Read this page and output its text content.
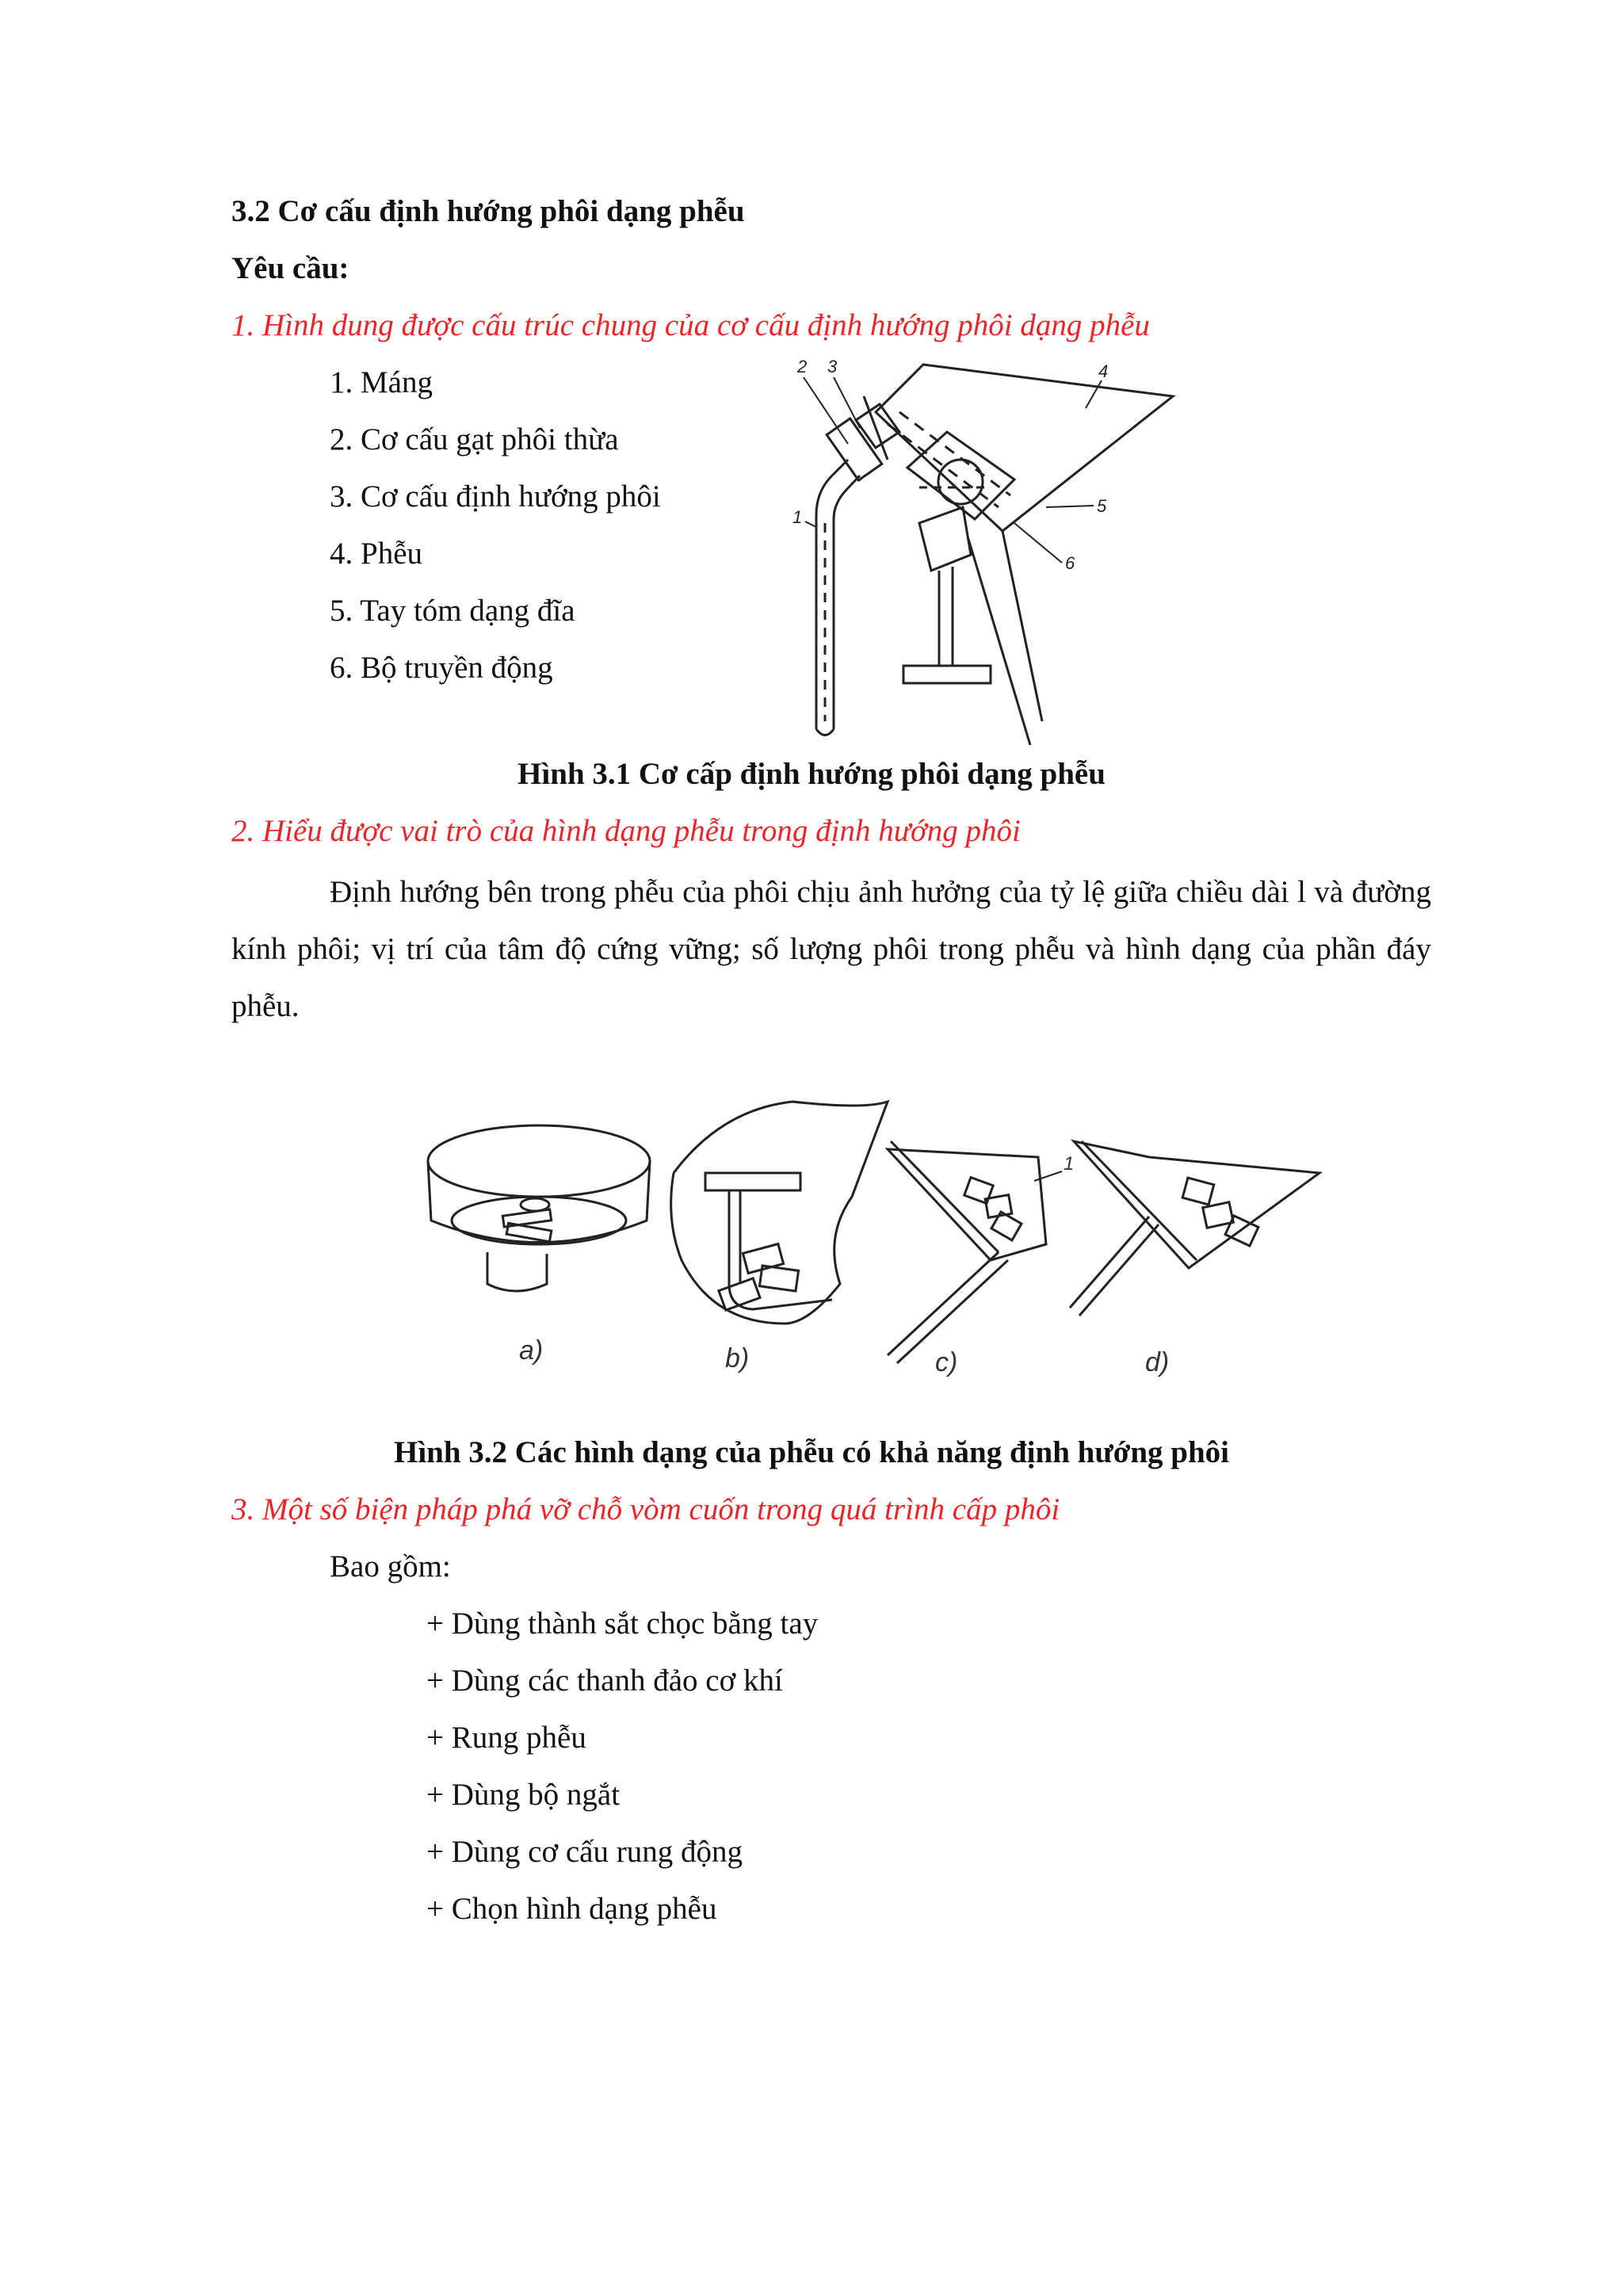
3.2 Cơ cấu định hướng phôi dạng phễu
Yêu cầu:
1. Hình dung được cấu trúc chung của cơ cấu định hướng phôi dạng phễu
1. Máng
2. Cơ cấu gạt phôi thừa
3. Cơ cấu định hướng phôi
4. Phễu
5. Tay tóm dạng đĩa
6. Bộ truyền động
1
2 3	4
5
6
Hình 3.1 Cơ cấp định hướng phôi dạng phễu
2. Hiểu được vai trò của hình dạng phễu trong định hướng phôi
Định hướng bên trong phễu của phôi chịu ảnh hưởng của tỷ lệ giữa chiều dài l và đường kính phôi; vị trí của tâm độ cứng vững; số lượng phôi trong phễu và hình dạng của phần đáy phễu.
a)	b)	c)	d)
1
Hình 3.2 Các hình dạng của phễu có khả năng định hướng phôi
3. Một số biện pháp phá vỡ chỗ vòm cuốn trong quá trình cấp phôi
Bao gồm:
+ Dùng thành sắt chọc bằng tay
+ Dùng các thanh đảo cơ khí
+ Rung phễu
+ Dùng bộ ngắt
+ Dùng cơ cấu rung động
+ Chọn hình dạng phễu
